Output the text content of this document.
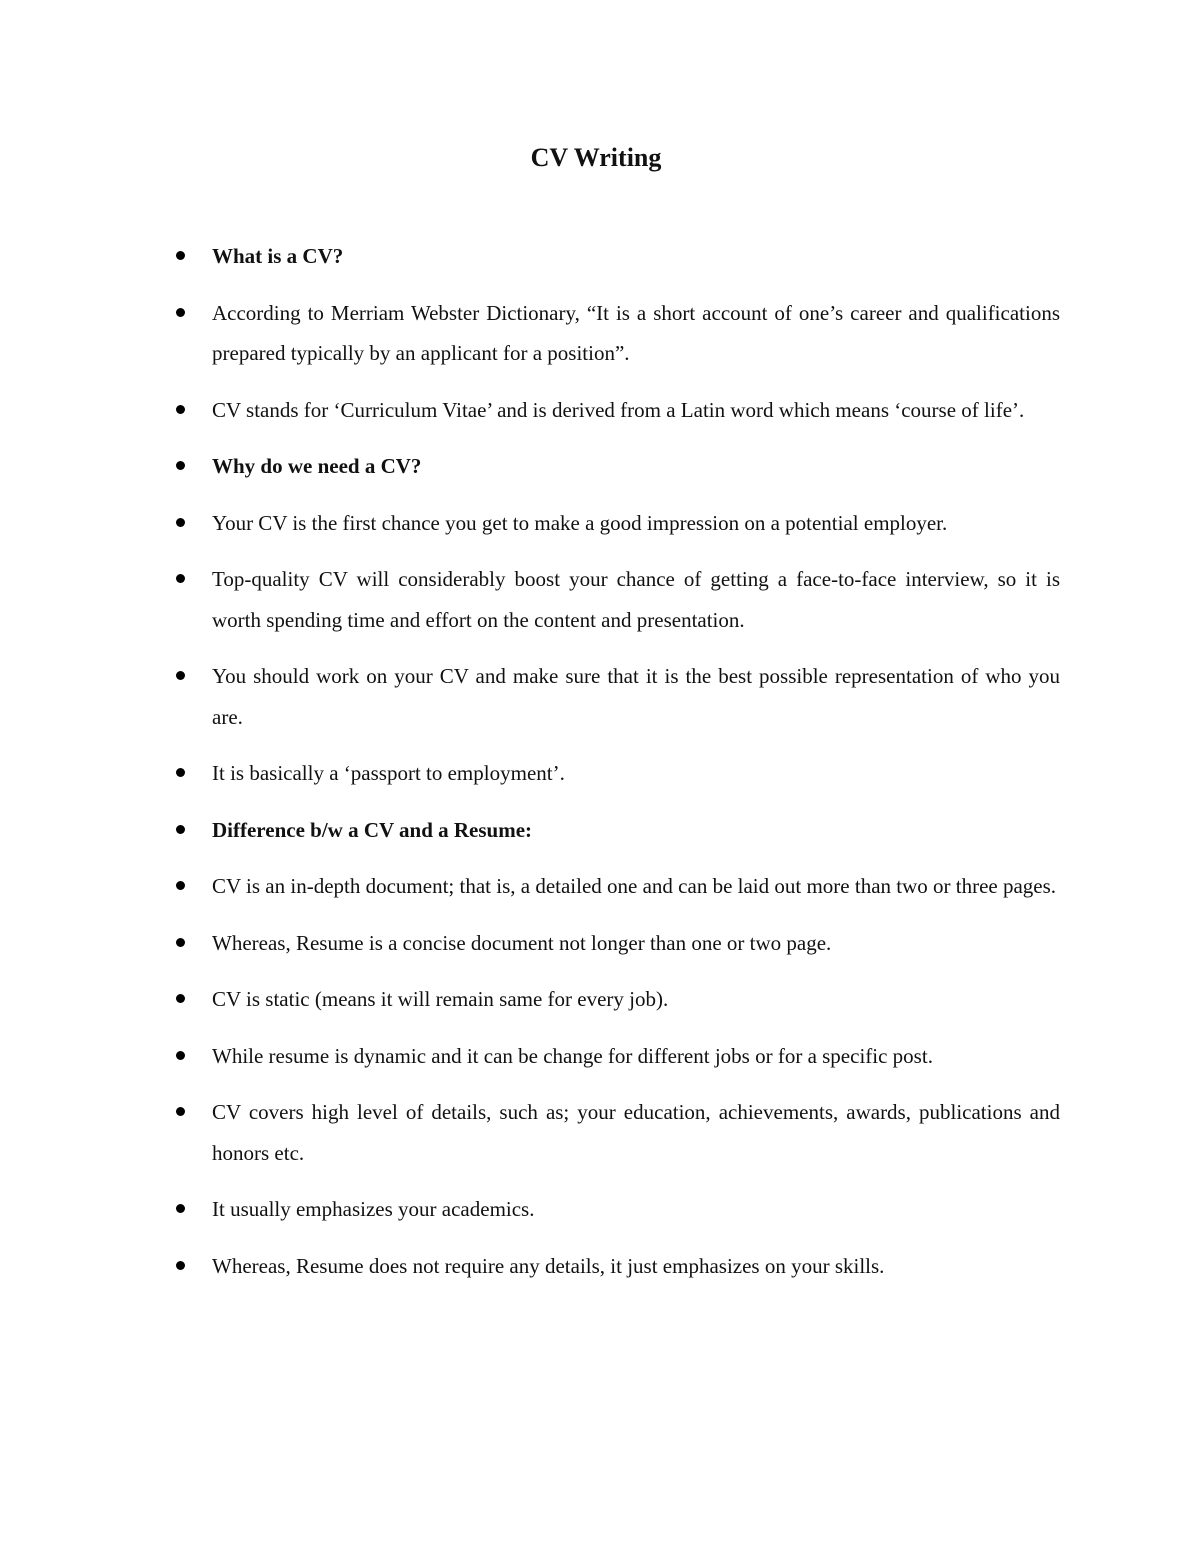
CV Writing
What is a CV?
According to Merriam Webster Dictionary, “It is a short account of one’s career and qualifications prepared typically by an applicant for a position”.
CV stands for ‘Curriculum Vitae’ and is derived from a Latin word which means ‘course of life’.
Why do we need a CV?
Your CV is the first chance you get to make a good impression on a potential employer.
Top-quality CV will considerably boost your chance of getting a face-to-face interview, so it is worth spending time and effort on the content and presentation.
You should work on your CV and make sure that it is the best possible representation of who you are.
It is basically a ‘passport to employment’.
Difference b/w a CV and a Resume:
CV is an in-depth document; that is, a detailed one and can be laid out more than two or three pages.
Whereas, Resume is a concise document not longer than one or two page.
CV is static (means it will remain same for every job).
While resume is dynamic and it can be change for different jobs or for a specific post.
CV covers high level of details, such as; your education, achievements, awards, publications and honors etc.
It usually emphasizes your academics.
Whereas, Resume does not require any details, it just emphasizes on your skills.
